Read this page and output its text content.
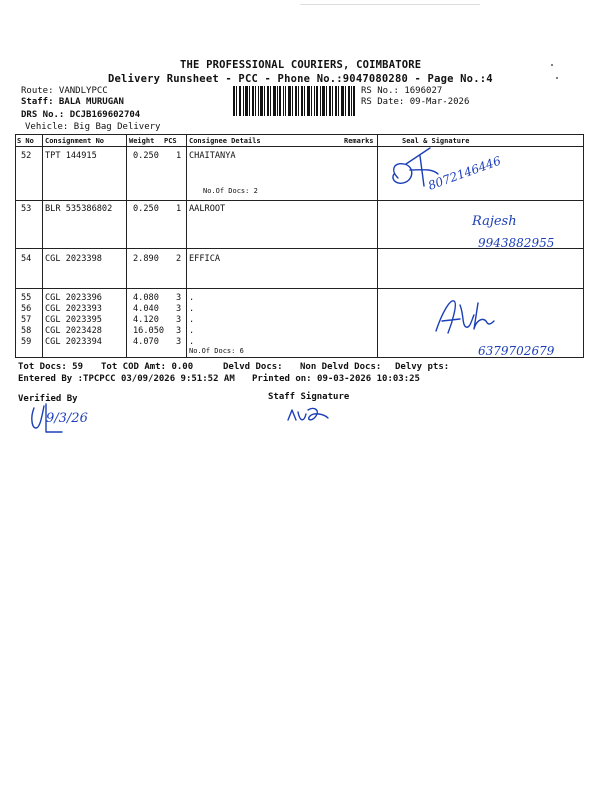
THE PROFESSIONAL COURIERS, COIMBATORE
Delivery Runsheet - PCC - Phone No.:9047080280 - Page No.:4
Route: VANDLYPCC
Staff: BALA MURUGAN
DRS No.: DCJB169602704
Vehicle: Big Bag Delivery
RS No.: 1696027
RS Date: 09-Mar-2026
S No Consignment No	Weight PCS Consignee Details	Remarks	Seal & Signature
52 TPT 144915	0.250 1 CHAITANYA
No.Of Docs: 2
53 BLR 535386802 0.250 1 AALROOT
54 CGL 2023398	2.890 2 EFFICA
55 CGL 2023396	4.080 3 .
56 CGL 2023393	4.040 3 .
57 CGL 2023395	4.120 3 .
58 CGL 2023428	16.050 3 .
59 CGL 2023394	4.070 3 .
No.Of Docs: 6
8072146446
Rajesh
9943882955
6379702679
Tot Docs: 59 Tot COD Amt: 0.00	Delvd Docs: Non Delvd Docs: Delvy pts:
Entered By :TPCPCC 03/09/2026 9:51:52 AM Printed on: 09-03-2026 10:03:25
Verified By
9/3/26
Staff Signature
